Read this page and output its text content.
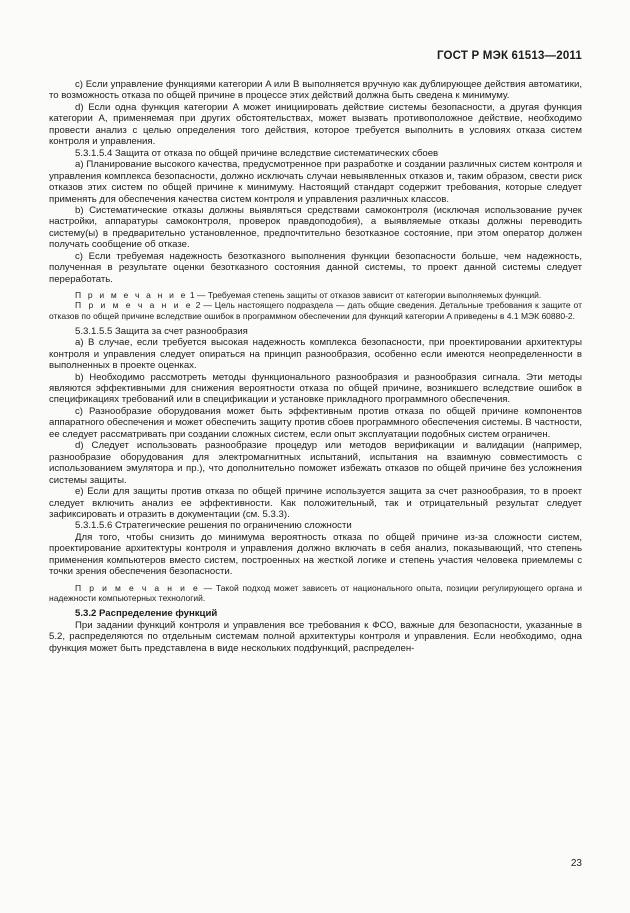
ГОСТ Р МЭК 61513—2011

c) Если управление функциями категории A или B выполняется вручную как дублирующее действия автоматики, то возможность отказа по общей причине в процессе этих действий должна быть сведена к минимуму.

d) Если одна функция категории A может инициировать действие системы безопасности, а другая функция категории A, применяемая при других обстоятельствах, может вызвать противоположное действие, необходимо провести анализ с целью определения того действия, которое требуется выполнить в условиях отказа систем контроля и управления.

5.3.1.5.4 Защита от отказа по общей причине вследствие систематических сбоев

a) Планирование высокого качества, предусмотренное при разработке и создании различных систем контроля и управления комплекса безопасности, должно исключать случаи невыявленных отказов и, таким образом, свести риск отказов этих систем по общей причине к минимуму. Настоящий стандарт содержит требования, которые следует применять для обеспечения качества систем контроля и управления различных классов.

b) Систематические отказы должны выявляться средствами самоконтроля (исключая использование ручек настройки, аппаратуры самоконтроля, проверок правдоподобия), а выявляемые отказы должны переводить систему(ы) в предварительно установленное, предпочтительно безотказное состояние, при этом оператор должен получать сообщение об отказе.

c) Если требуемая надежность безотказного выполнения функции безопасности больше, чем надежность, полученная в результате оценки безотказного состояния данной системы, то проект данной системы следует переработать.

П р и м е ч а н и е 1 — Требуемая степень защиты от отказов зависит от категории выполняемых функций.

П р и м е ч а н и е 2 — Цель настоящего подраздела — дать общие сведения. Детальные требования к защите от отказов по общей причине вследствие ошибок в программном обеспечении для функций категории A приведены в 4.1 МЭК 60880-2.

5.3.1.5.5 Защита за счет разнообразия

a) В случае, если требуется высокая надежность комплекса безопасности, при проектировании архитектуры контроля и управления следует опираться на принцип разнообразия, особенно если имеются неопределенности в выполненных в проекте оценках.

b) Необходимо рассмотреть методы функционального разнообразия и разнообразия сигнала. Эти методы являются эффективными для снижения вероятности отказа по общей причине, возникшего вследствие ошибок в спецификациях требований или в спецификации и установке прикладного программного обеспечения.

c) Разнообразие оборудования может быть эффективным против отказа по общей причине компонентов аппаратного обеспечения и может обеспечить защиту против сбоев программного обеспечения системы. В частности, ее следует рассматривать при создании сложных систем, если опыт эксплуатации подобных систем ограничен.

d) Следует использовать разнообразие процедур или методов верификации и валидации (например, разнообразие оборудования для электромагнитных испытаний, испытания на взаимную совместимость с использованием эмулятора и пр.), что дополнительно поможет избежать отказов по общей причине без усложнения системы защиты.

e) Если для защиты против отказа по общей причине используется защита за счет разнообразия, то в проект следует включить анализ ее эффективности. Как положительный, так и отрицательный результат следует зафиксировать и отразить в документации (см. 5.3.3).

5.3.1.5.6 Стратегические решения по ограничению сложности

Для того, чтобы снизить до минимума вероятность отказа по общей причине из-за сложности систем, проектирование архитектуры контроля и управления должно включать в себя анализ, показывающий, что степень применения компьютеров вместо систем, построенных на жесткой логике и степень участия человека приемлемы с точки зрения обеспечения безопасности.

П р и м е ч а н и е — Такой подход может зависеть от национального опыта, позиции регулирующего органа и надежности компьютерных технологий.

5.3.2 Распределение функций

При задании функций контроля и управления все требования к ФСО, важные для безопасности, указанные в 5.2, распределяются по отдельным системам полной архитектуры контроля и управления. Если необходимо, одна функция может быть представлена в виде нескольких подфункций, распределен-

23
